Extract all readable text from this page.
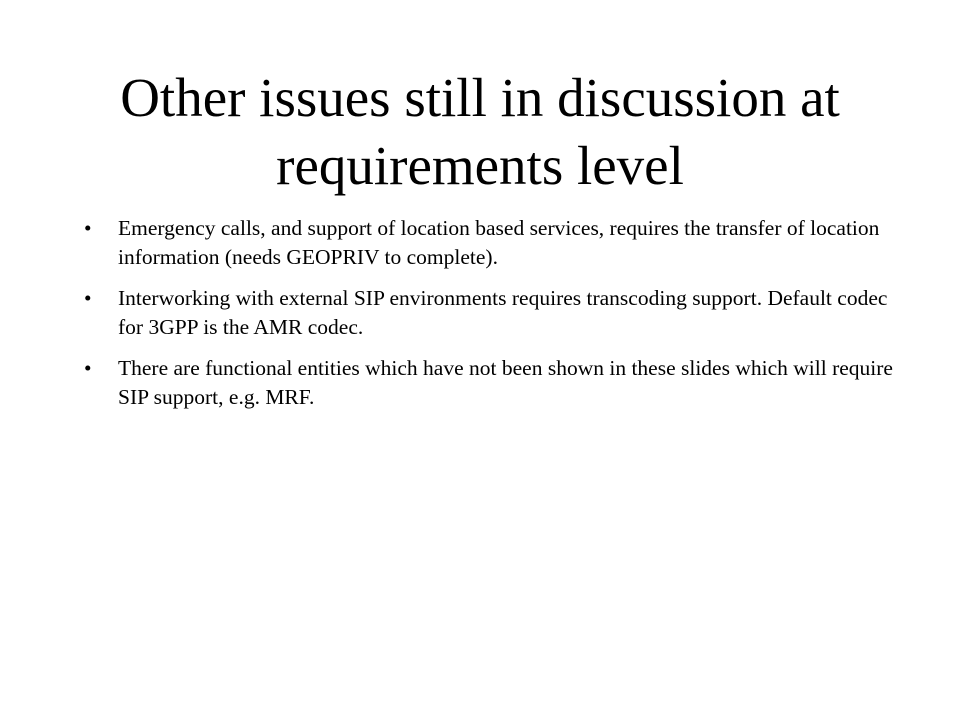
Other issues still in discussion at requirements level
•	Emergency calls, and support of location based services, requires the transfer of location information (needs GEOPRIV to complete).
•	Interworking with external SIP environments requires transcoding support. Default codec for 3GPP is the AMR codec.
•	There are functional entities which have not been shown in these slides which will require SIP support, e.g. MRF.
